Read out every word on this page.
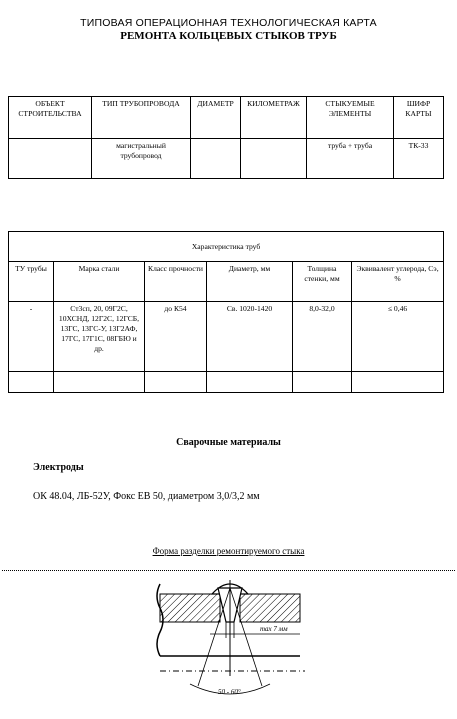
ТИПОВАЯ ОПЕРАЦИОННАЯ ТЕХНОЛОГИЧЕСКАЯ КАРТА
РЕМОНТА КОЛЬЦЕВЫХ СТЫКОВ ТРУБ
ОБЪЕКТ СТРОИТЕЛЬСТВА	ТИП ТРУБОПРОВОДА	ДИАМЕТР	КИЛОМЕТРАЖ	СТЫКУЕМЫЕ ЭЛЕМЕНТЫ	ШИФР КАРТЫ
	магистральный трубопровод			труба + труба	ТК-33
Характеристика труб					
ТУ трубы	Марка стали	Класс прочности	Диаметр, мм	Толщина стенки, мм	Эквивалент углерода, Сэ, %
-	Ст3сп, 20, 09Г2С, 10ХСНД, 12Г2С, 12ГСБ, 13ГС, 13ГС-У, 13Г2АФ, 17ГС, 17Г1С, 08ГБЮ и др.	до К54	Св. 1020-1420	8,0-32,0	≤ 0,46

Сварочные материалы
Электроды
ОК 48.04, ЛБ-52У, Фокс ЕВ 50, диаметром 3,0/3,2 мм
Форма разделки ремонтируемого стыка
max 7 мм
50 - 60°
